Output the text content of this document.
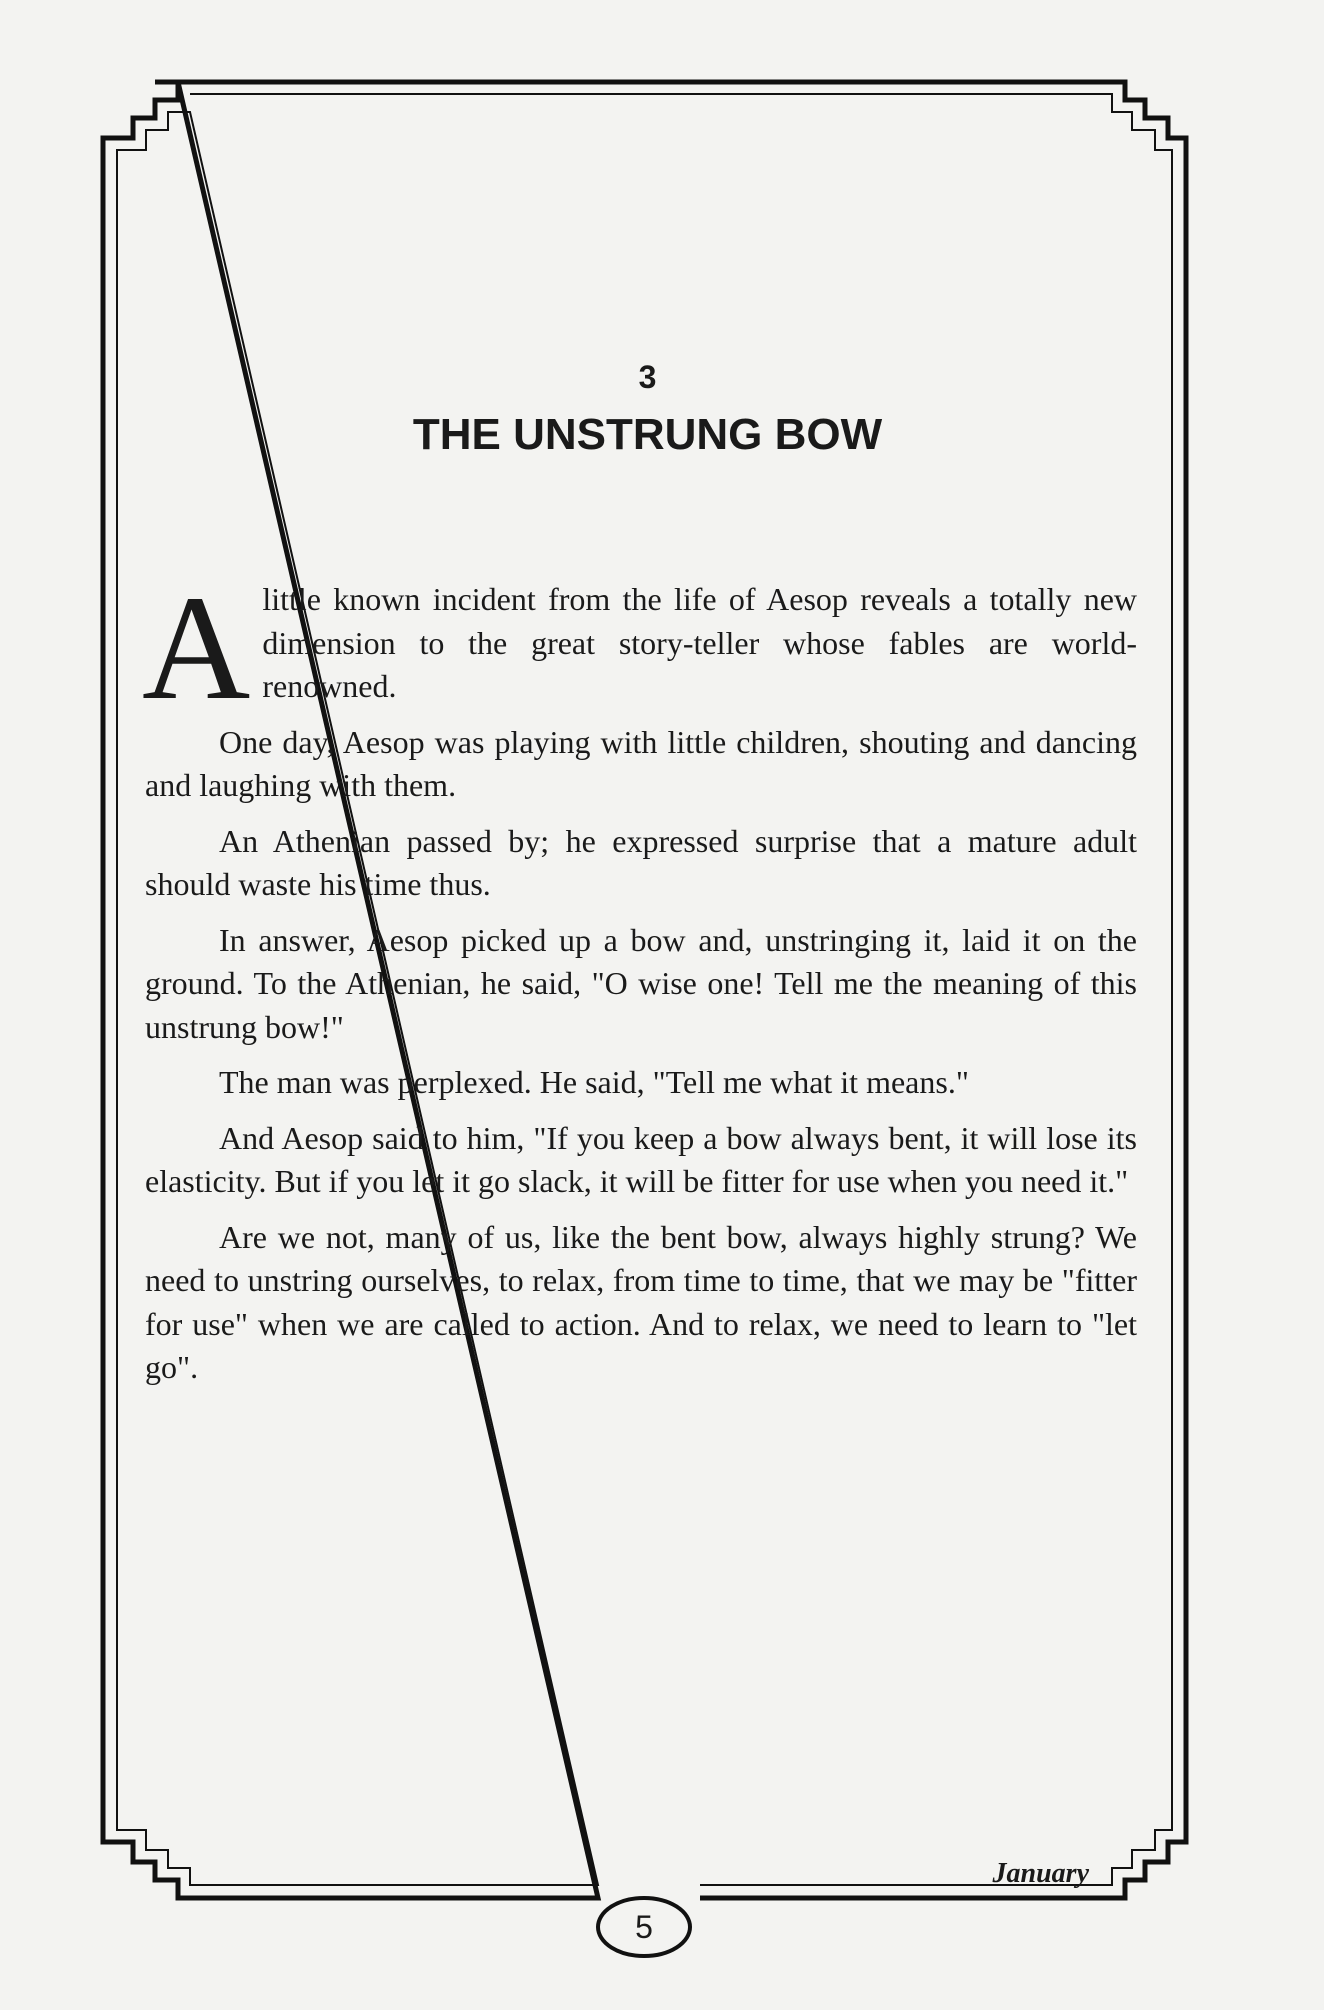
3
THE UNSTRUNG BOW

Alittle known incident from the life of Aesop reveals a totally new dimension to the great story-teller whose fables are world-renowned.

One day, Aesop was playing with little children, shouting and dancing and laughing with them.

An Athenian passed by; he expressed surprise that a mature adult should waste his time thus.

In answer, Aesop picked up a bow and, unstringing it, laid it on the ground. To the Athenian, he said, "O wise one! Tell me the meaning of this unstrung bow!"

The man was perplexed. He said, "Tell me what it means."

And Aesop said to him, "If you keep a bow always bent, it will lose its elasticity. But if you let it go slack, it will be fitter for use when you need it."

Are we not, many of us, like the bent bow, always highly strung? We need to unstring ourselves, to relax, from time to time, that we may be "fitter for use" when we are called to action. And to relax, we need to learn to "let go".

January
5
